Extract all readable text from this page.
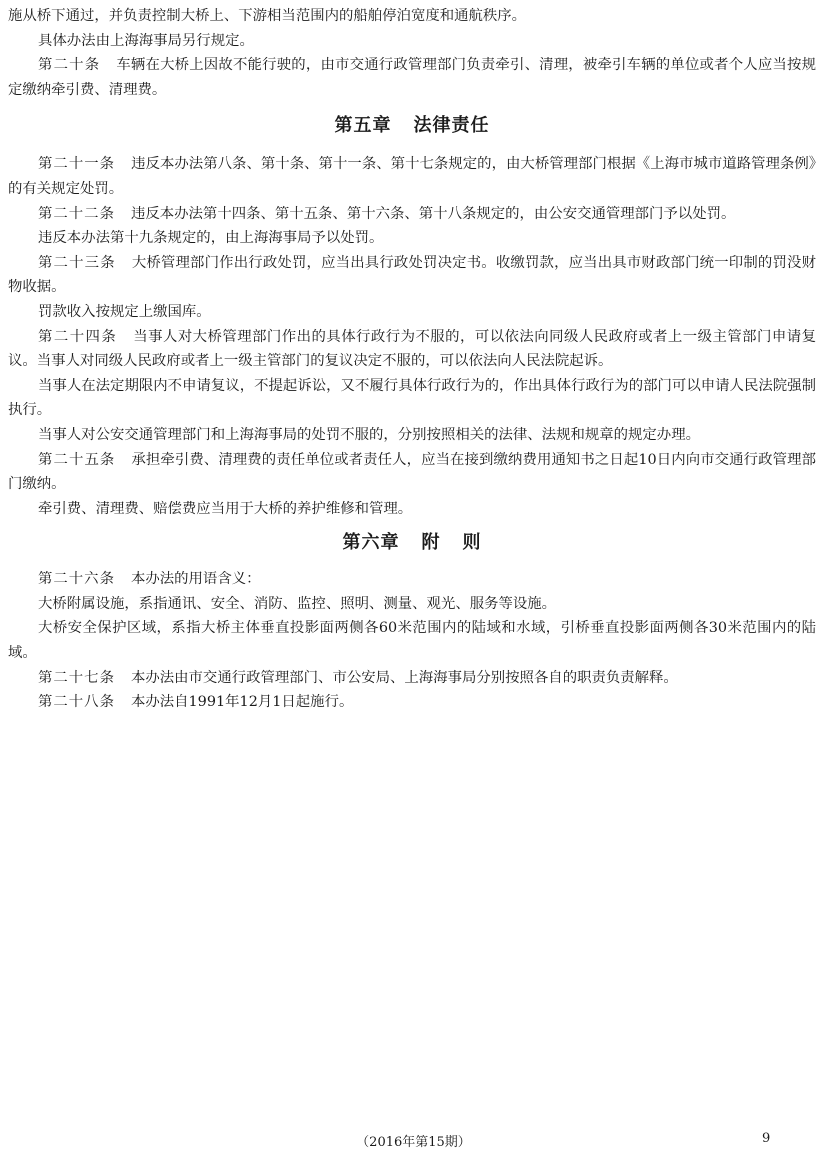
施从桥下通过，并负责控制大桥上、下游相当范围内的船舶停泊宽度和通航秩序。

具体办法由上海海事局另行规定。

第二十条 车辆在大桥上因故不能行驶的，由市交通行政管理部门负责牵引、清理，被牵引车辆的单位或者个人应当按规定缴纳牵引费、清理费。

第五章 法律责任

第二十一条 违反本办法第八条、第十条、第十一条、第十七条规定的，由大桥管理部门根据《上海市城市道路管理条例》的有关规定处罚。

第二十二条 违反本办法第十四条、第十五条、第十六条、第十八条规定的，由公安交通管理部门予以处罚。

违反本办法第十九条规定的，由上海海事局予以处罚。

第二十三条 大桥管理部门作出行政处罚，应当出具行政处罚决定书。收缴罚款，应当出具市财政部门统一印制的罚没财物收据。

罚款收入按规定上缴国库。

第二十四条 当事人对大桥管理部门作出的具体行政行为不服的，可以依法向同级人民政府或者上一级主管部门申请复议。当事人对同级人民政府或者上一级主管部门的复议决定不服的，可以依法向人民法院起诉。

当事人在法定期限内不申请复议，不提起诉讼，又不履行具体行政行为的，作出具体行政行为的部门可以申请人民法院强制执行。

当事人对公安交通管理部门和上海海事局的处罚不服的，分别按照相关的法律、法规和规章的规定办理。

第二十五条 承担牵引费、清理费的责任单位或者责任人，应当在接到缴纳费用通知书之日起10日内向市交通行政管理部门缴纳。

牵引费、清理费、赔偿费应当用于大桥的养护维修和管理。

第六章 附 则

第二十六条 本办法的用语含义：

大桥附属设施，系指通讯、安全、消防、监控、照明、测量、观光、服务等设施。

大桥安全保护区域，系指大桥主体垂直投影面两侧各60米范围内的陆域和水域，引桥垂直投影面两侧各30米范围内的陆域。

第二十七条 本办法由市交通行政管理部门、市公安局、上海海事局分别按照各自的职责负责解释。

第二十八条 本办法自1991年12月1日起施行。

（2016年第15期）	9
